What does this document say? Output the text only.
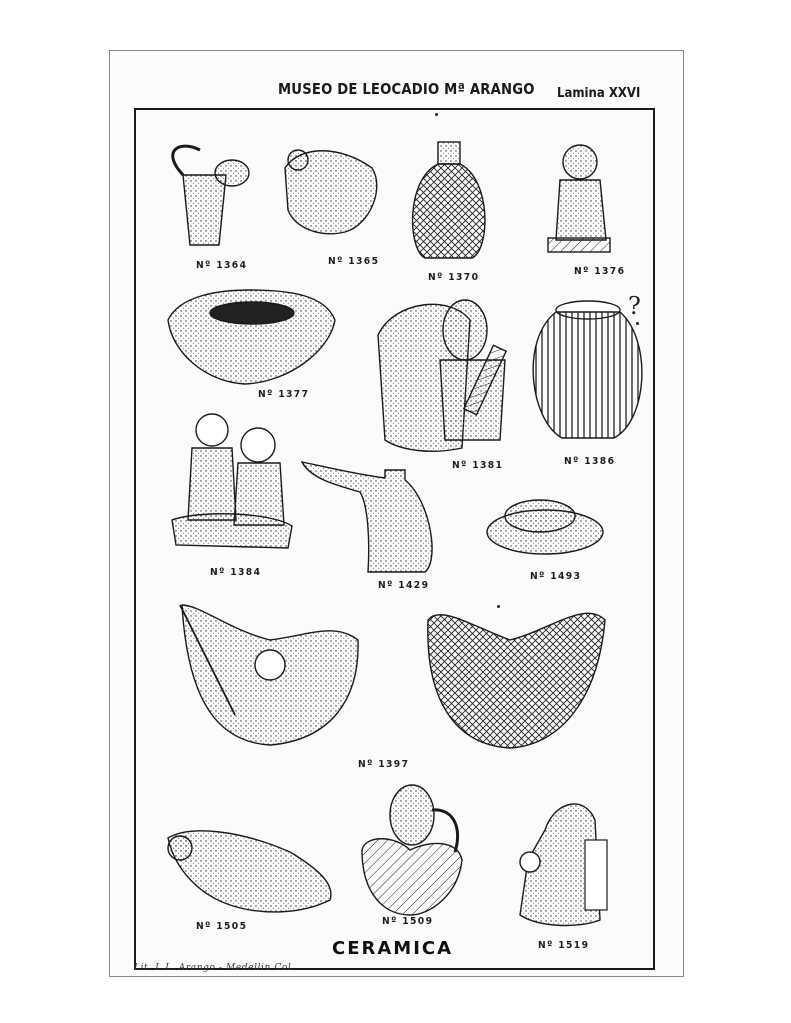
MUSEO DE LEOCADIO Mª ARANGO Lamina XXVI
?
Nº 1364	Nº 1365
Nº 1370
Nº 1376
Nº 1377
Nº 1381	Nº 1386
Nº 1384
Nº 1429
Nº 1493
Nº 1397
Nº 1505	Nº 1509
Nº 1519
CERAMICA
Lit. L.L. Arango - Medellin Col.
